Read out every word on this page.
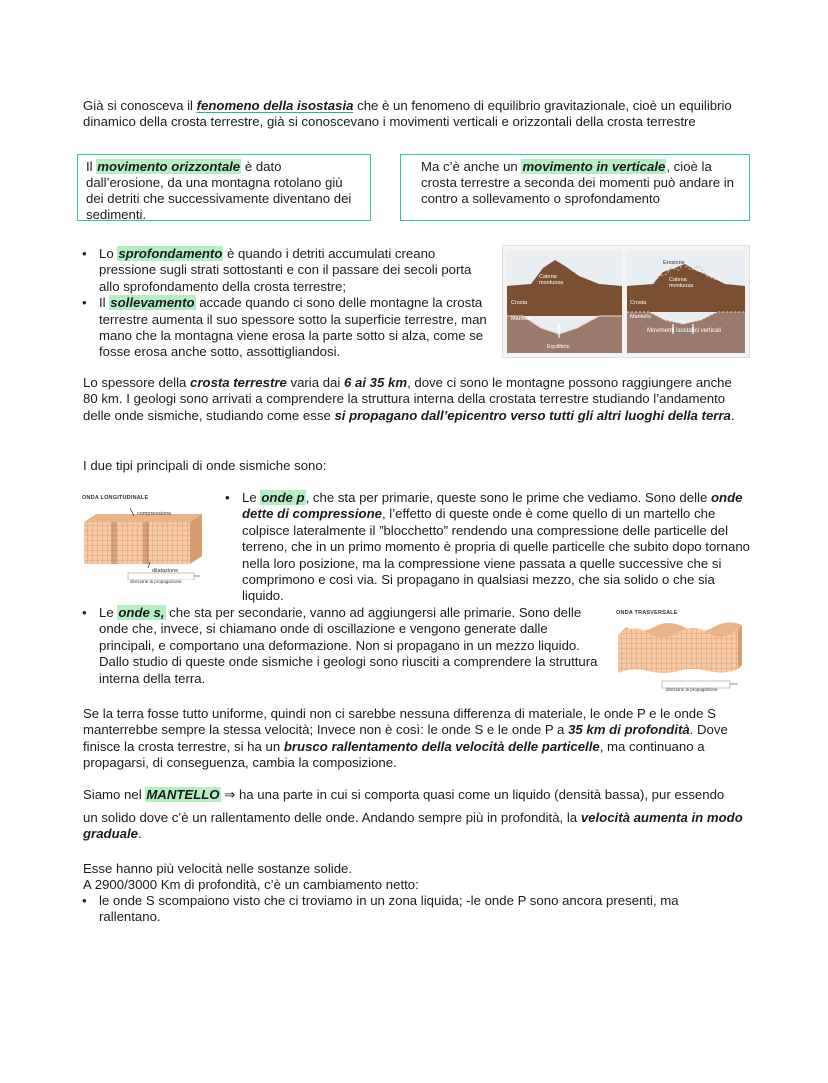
Già si conosceva il fenomeno della isostasia che è un fenomeno di equilibrio gravitazionale, cioè un equilibrio dinamico della crosta terrestre, già si conoscevano i movimenti verticali e orizzontali della crosta terrestre
Il movimento orizzontale è dato dall’erosione, da una montagna rotolano giù dei detriti che successivamente diventano dei sedimenti.
Ma c’è anche un movimento in verticale, cioè la crosta terrestre a seconda dei momenti può andare in contro a sollevamento o sprofondamento
• Lo sprofondamento è quando i detriti accumulati creano pressione sugli strati sottostanti e con il passare dei secoli porta allo sprofondamento della crosta terrestre;
• Il sollevamento accade quando ci sono delle montagne la crosta terrestre aumenta il suo spessore sotto la superficie terrestre, man mano che la montagna viene erosa la parte sotto si alza, come se fosse erosa anche sotto, assottigliandosi.
Catena
montuosa
Crosta
Mantello
Equilibrio
Erosione
Catena
montuosa
Crosta
Mantello
Movimenti isostatici verticali
Lo spessore della crosta terrestre varia dai 6 ai 35 km, dove ci sono le montagne possono raggiungere anche 80 km. I geologi sono arrivati a comprendere la struttura interna della crostata terrestre studiando l’andamento delle onde sismiche, studiando come esse si propagano dall’epicentro verso tutti gli altri luoghi della terra.
I due tipi principali di onde sismiche sono:
ONDA LONGITUDINALE
compressione
dilatazione
direzione di propagazione
• Le onde p, che sta per primarie, queste sono le prime che vediamo. Sono delle onde dette di compressione, l’effetto di queste onde è come quello di un martello che colpisce lateralmente il ”blocchetto” rendendo una compressione delle particelle del terreno, che in un primo momento è propria di quelle particelle che subito dopo tornano nella loro posizione, ma la compressione viene passata a quelle successive che si comprimono e così via. Si propagano in qualsiasi mezzo, che sia solido o che sia liquido.
• Le onde s, che sta per secondarie, vanno ad aggiungersi alle primarie. Sono delle onde che, invece, si chiamano onde di oscillazione e vengono generate dalle principali, e comportano una deformazione. Non si propagano in un mezzo liquido. Dallo studio di queste onde sismiche i geologi sono riusciti a comprendere la struttura interna della terra.
ONDA TRASVERSALE
direzione di propagazione
Se la terra fosse tutto uniforme, quindi non ci sarebbe nessuna differenza di materiale, le onde P e le onde S manterrebbe sempre la stessa velocità; Invece non è così: le onde S e le onde P a 35 km di profondità. Dove finisce la crosta terrestre, si ha un brusco rallentamento della velocità delle particelle, ma continuano a propagarsi, di conseguenza, cambia la composizione.
Siamo nel MANTELLO ⇒ ha una parte in cui si comporta quasi come un liquido (densità bassa), pur essendo
un solido dove c’è un rallentamento delle onde. Andando sempre più in profondità, la velocità aumenta in modo graduale.
Esse hanno più velocità nelle sostanze solide.
A 2900/3000 Km di profondità, c’è un cambiamento netto:
• le onde S scompaiono visto che ci troviamo in un zona liquida; -le onde P sono ancora presenti, ma rallentano.
